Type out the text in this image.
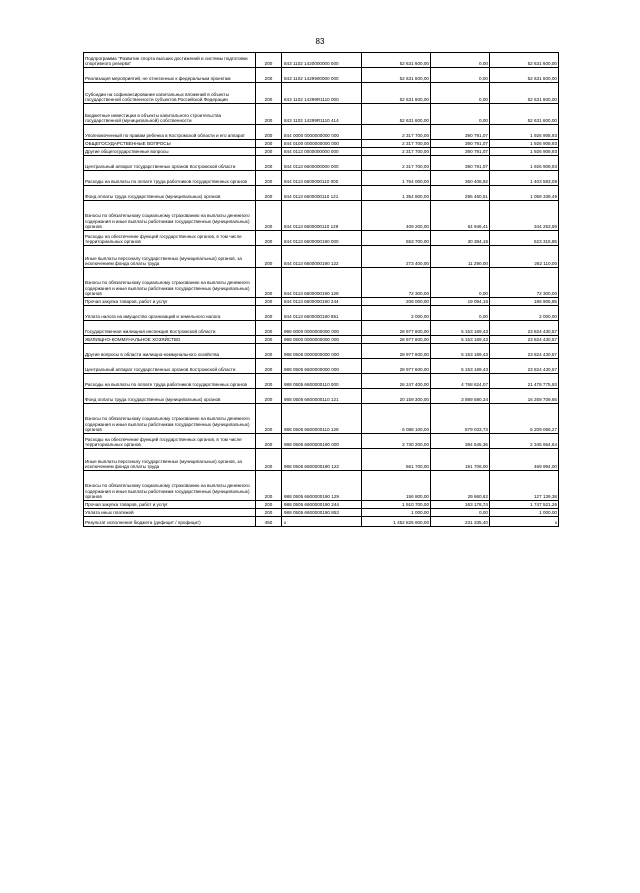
83
Подпрограмма "Развитие спорта высших достижений и системы подготовки спортивного резерва"	200	843 1102 1420000000 000	52 631 600,00	0,00	52 631 600,00
Реализация мероприятий, не отнесенных к федеральным проектам	200	843 1102 1429900000 000	52 631 600,00	0,00	52 631 600,00
Субсидии на софинансирование капитальных вложений в объекты государственной собственности субъектов Российской Федерации	200	843 1102 14299R1110 000	52 631 600,00	0,00	52 631 600,00
Бюджетные инвестиции в объекты капитального строительства государственной (муниципальной) собственности	200	843 1102 14299R1110 414	52 631 600,00	0,00	52 631 600,00
Уполномоченный по правам ребенка в Костромской области и его аппарат	200	844 0000 0000000000 000	2 317 700,00	390 791,07	1 926 908,93
ОБЩЕГОСУДАРСТВЕННЫЕ ВОПРОСЫ	200	844 0100 0000000000 000	2 317 700,00	390 791,07	1 926 908,93
Другие общегосударственные вопросы	200	844 0113 0000000000 000	2 317 700,00	390 791,07	1 926 908,93
Центральный аппарат государственных органов Костромской области	200	844 0113 6600000000 000	2 317 700,00	390 791,07	1 926 908,93
Расходы на выплаты по оплате труда работников государственных органов	200	844 0113 6600000110 000	1 764 000,00	360 406,92	1 403 593,08
Фонд оплаты труда государственных (муниципальных) органов	200	844 0113 6600000110 121	1 354 800,00	295 460,51	1 059 339,49
Взносы по обязательному социальному страхованию на выплаты денежного содержания и иные выплаты работникам государственных (муниципальных) органов	200	844 0113 6600000110 129	409 200,00	64 946,41	344 253,59
Расходы на обеспечение функций государственных органов, в том числе территориальных органов	200	844 0113 6600000190 000	553 700,00	30 384,15	523 315,85
Иные выплаты персоналу государственных (муниципальных) органов, за исключением фонда оплаты труда	200	844 0113 6600000190 122	273 400,00	11 290,00	262 110,00
Взносы по обязательному социальному страхованию на выплаты денежного содержания и иные выплаты работникам государственных (муниципальных) органов	200	844 0113 6600000190 129	72 300,00	0,00	72 300,00
Прочая закупка товаров, работ и услуг	200	844 0113 6600000190 244	206 000,00	19 094,15	186 905,85
Уплата налога на имущество организаций и земельного налога	200	844 0113 6600000190 851	2 000,00	0,00	2 000,00
Государственная жилищная инспекция Костромской области	200	988 0000 0000000000 000	28 977 600,00	5 153 169,43	23 824 430,57
ЖИЛИЩНО-КОММУНАЛЬНОЕ ХОЗЯЙСТВО	200	988 0500 0000000000 000	28 977 600,00	5 153 169,43	23 824 430,57
Другие вопросы в области жилищно-коммунального хозяйства	200	988 0505 0000000000 000	28 977 600,00	5 153 169,43	23 824 430,57
Центральный аппарат государственных органов Костромской области	200	988 0505 6600000000 000	28 977 600,00	5 153 169,43	23 824 430,57
Расходы на выплаты по оплате труда работников государственных органов	200	988 0505 6600000110 000	26 247 400,00	4 768 624,07	21 478 775,93
Фонд оплаты труда государственных (муниципальных) органов	200	988 0505 6600000110 121	20 159 300,00	3 889 590,34	16 269 709,66
Взносы по обязательному социальному страхованию на выплаты денежного содержания и иные выплаты работникам государственных (муниципальных) органов	200	988 0505 6600000110 129	6 088 100,00	879 033,73	5 209 066,27
Расходы на обеспечение функций государственных органов, в том числе территориальных органов	200	988 0505 6600000190 000	2 730 200,00	384 545,36	2 345 654,64
Иные выплаты персоналу государственных (муниципальных) органов, за исключением фонда оплаты труда	200	988 0505 6600000190 122	661 700,00	191 706,00	469 994,00
Взносы по обязательному социальному страхованию на выплаты денежного содержания и иные выплаты работникам государственных (муниципальных) органов	200	988 0505 6600000190 129	156 800,00	29 660,62	127 139,38
Прочая закупка товаров, работ и услуг	200	988 0505 6600000190 244	1 910 700,00	163 178,74	1 747 521,26
Уплата иных платежей	200	988 0505 6600000190 853	1 000,00	0,00	1 000,00
Результат исполнения бюджета (дефицит / профицит)	450	x	1 452 825 600,00	231 335,40	x
